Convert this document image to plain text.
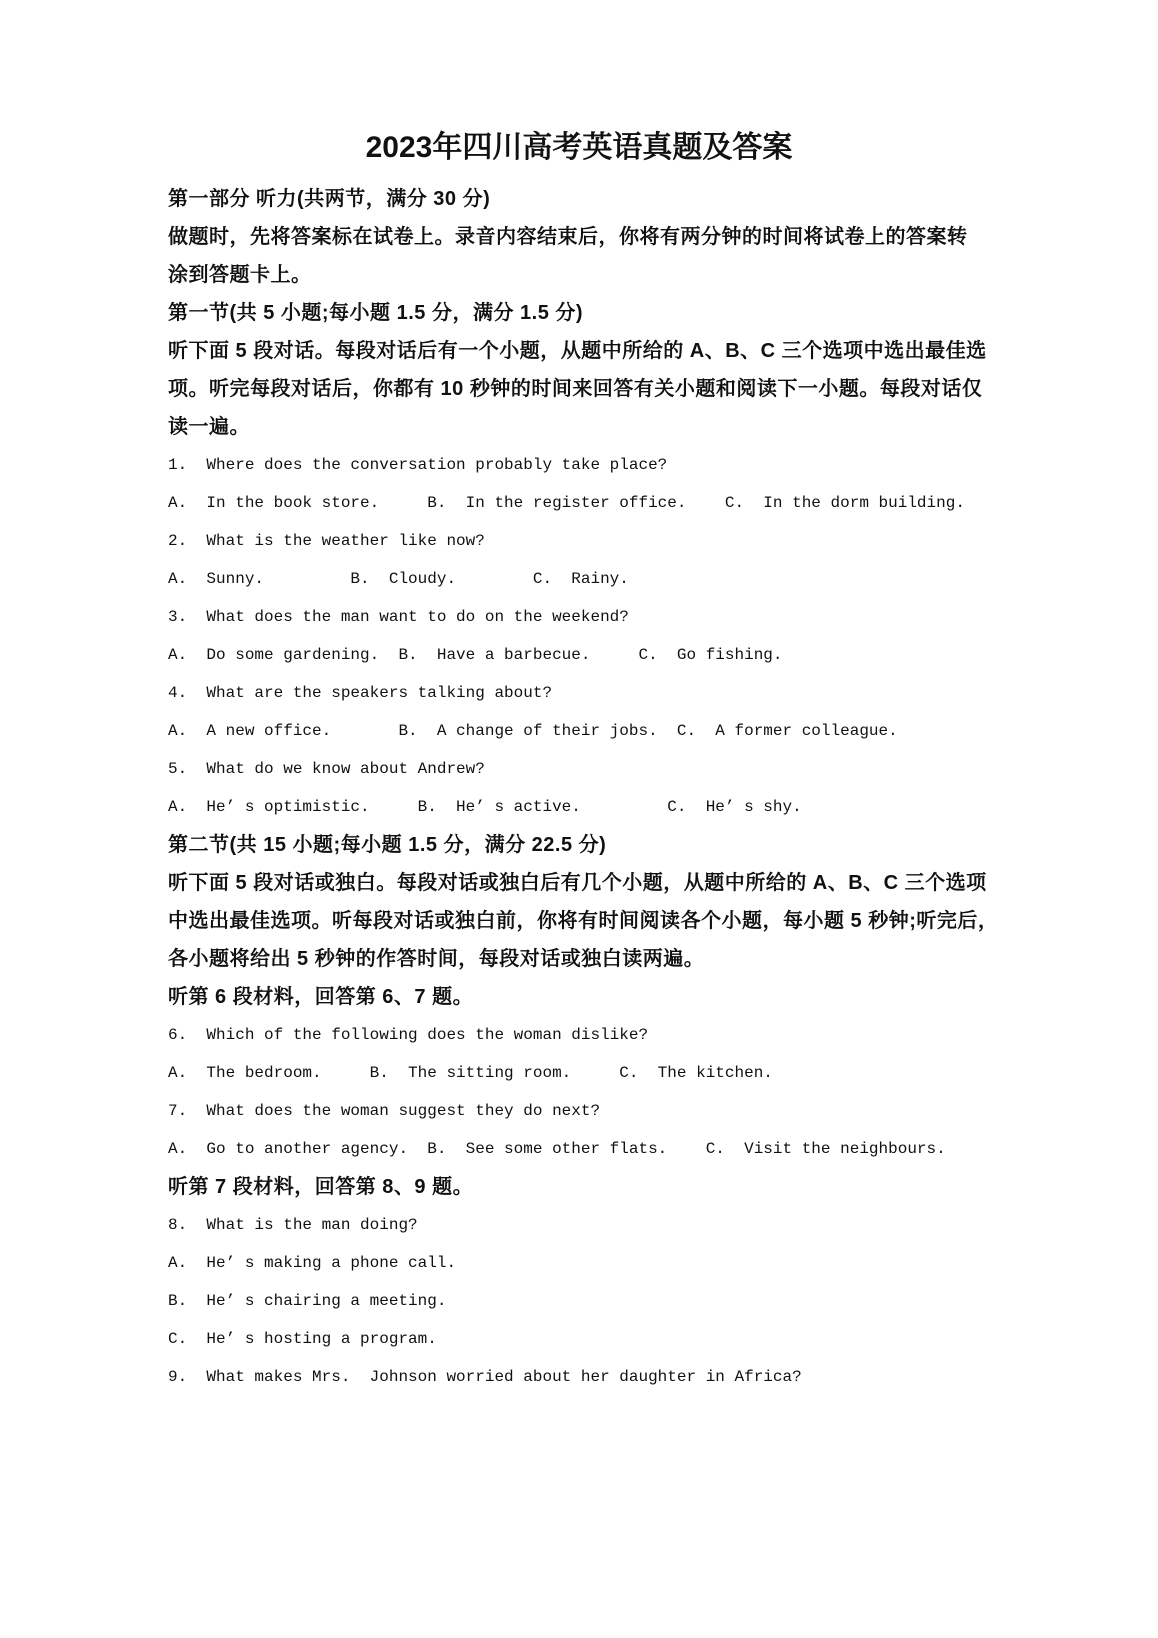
2023年四川高考英语真题及答案
第一部分 听力(共两节，满分 30 分)
做题时，先将答案标在试卷上。录音内容结束后，你将有两分钟的时间将试卷上的答案转
涂到答题卡上。
第一节(共 5 小题;每小题 1.5 分，满分 1.5 分)
听下面 5 段对话。每段对话后有一个小题，从题中所给的 A、B、C 三个选项中选出最佳选
项。听完每段对话后，你都有 10 秒钟的时间来回答有关小题和阅读下一小题。每段对话仅
读一遍。
1.  Where does the conversation probably take place?
A.  In the book store.     B.  In the register office.    C.  In the dorm building.
2.  What is the weather like now?
A.  Sunny.         B.  Cloudy.        C.  Rainy.
3.  What does the man want to do on the weekend?
A.  Do some gardening.  B.  Have a barbecue.     C.  Go fishing.
4.  What are the speakers talking about?
A.  A new office.       B.  A change of their jobs.  C.  A former colleague.
5.  What do we know about Andrew?
A.  He’ s optimistic.     B.  He’ s active.         C.  He’ s shy.
第二节(共 15 小题;每小题 1.5 分，满分 22.5 分)
听下面 5 段对话或独白。每段对话或独白后有几个小题，从题中所给的 A、B、C 三个选项
中选出最佳选项。听每段对话或独白前，你将有时间阅读各个小题，每小题 5 秒钟;听完后，
各小题将给出 5 秒钟的作答时间，每段对话或独白读两遍。
听第 6 段材料，回答第 6、7 题。
6.  Which of the following does the woman dislike?
A.  The bedroom.     B.  The sitting room.     C.  The kitchen.
7.  What does the woman suggest they do next?
A.  Go to another agency.  B.  See some other flats.    C.  Visit the neighbours.
听第 7 段材料，回答第 8、9 题。
8.  What is the man doing?
A.  He’ s making a phone call.
B.  He’ s chairing a meeting.
C.  He’ s hosting a program.
9.  What makes Mrs.  Johnson worried about her daughter in Africa?
